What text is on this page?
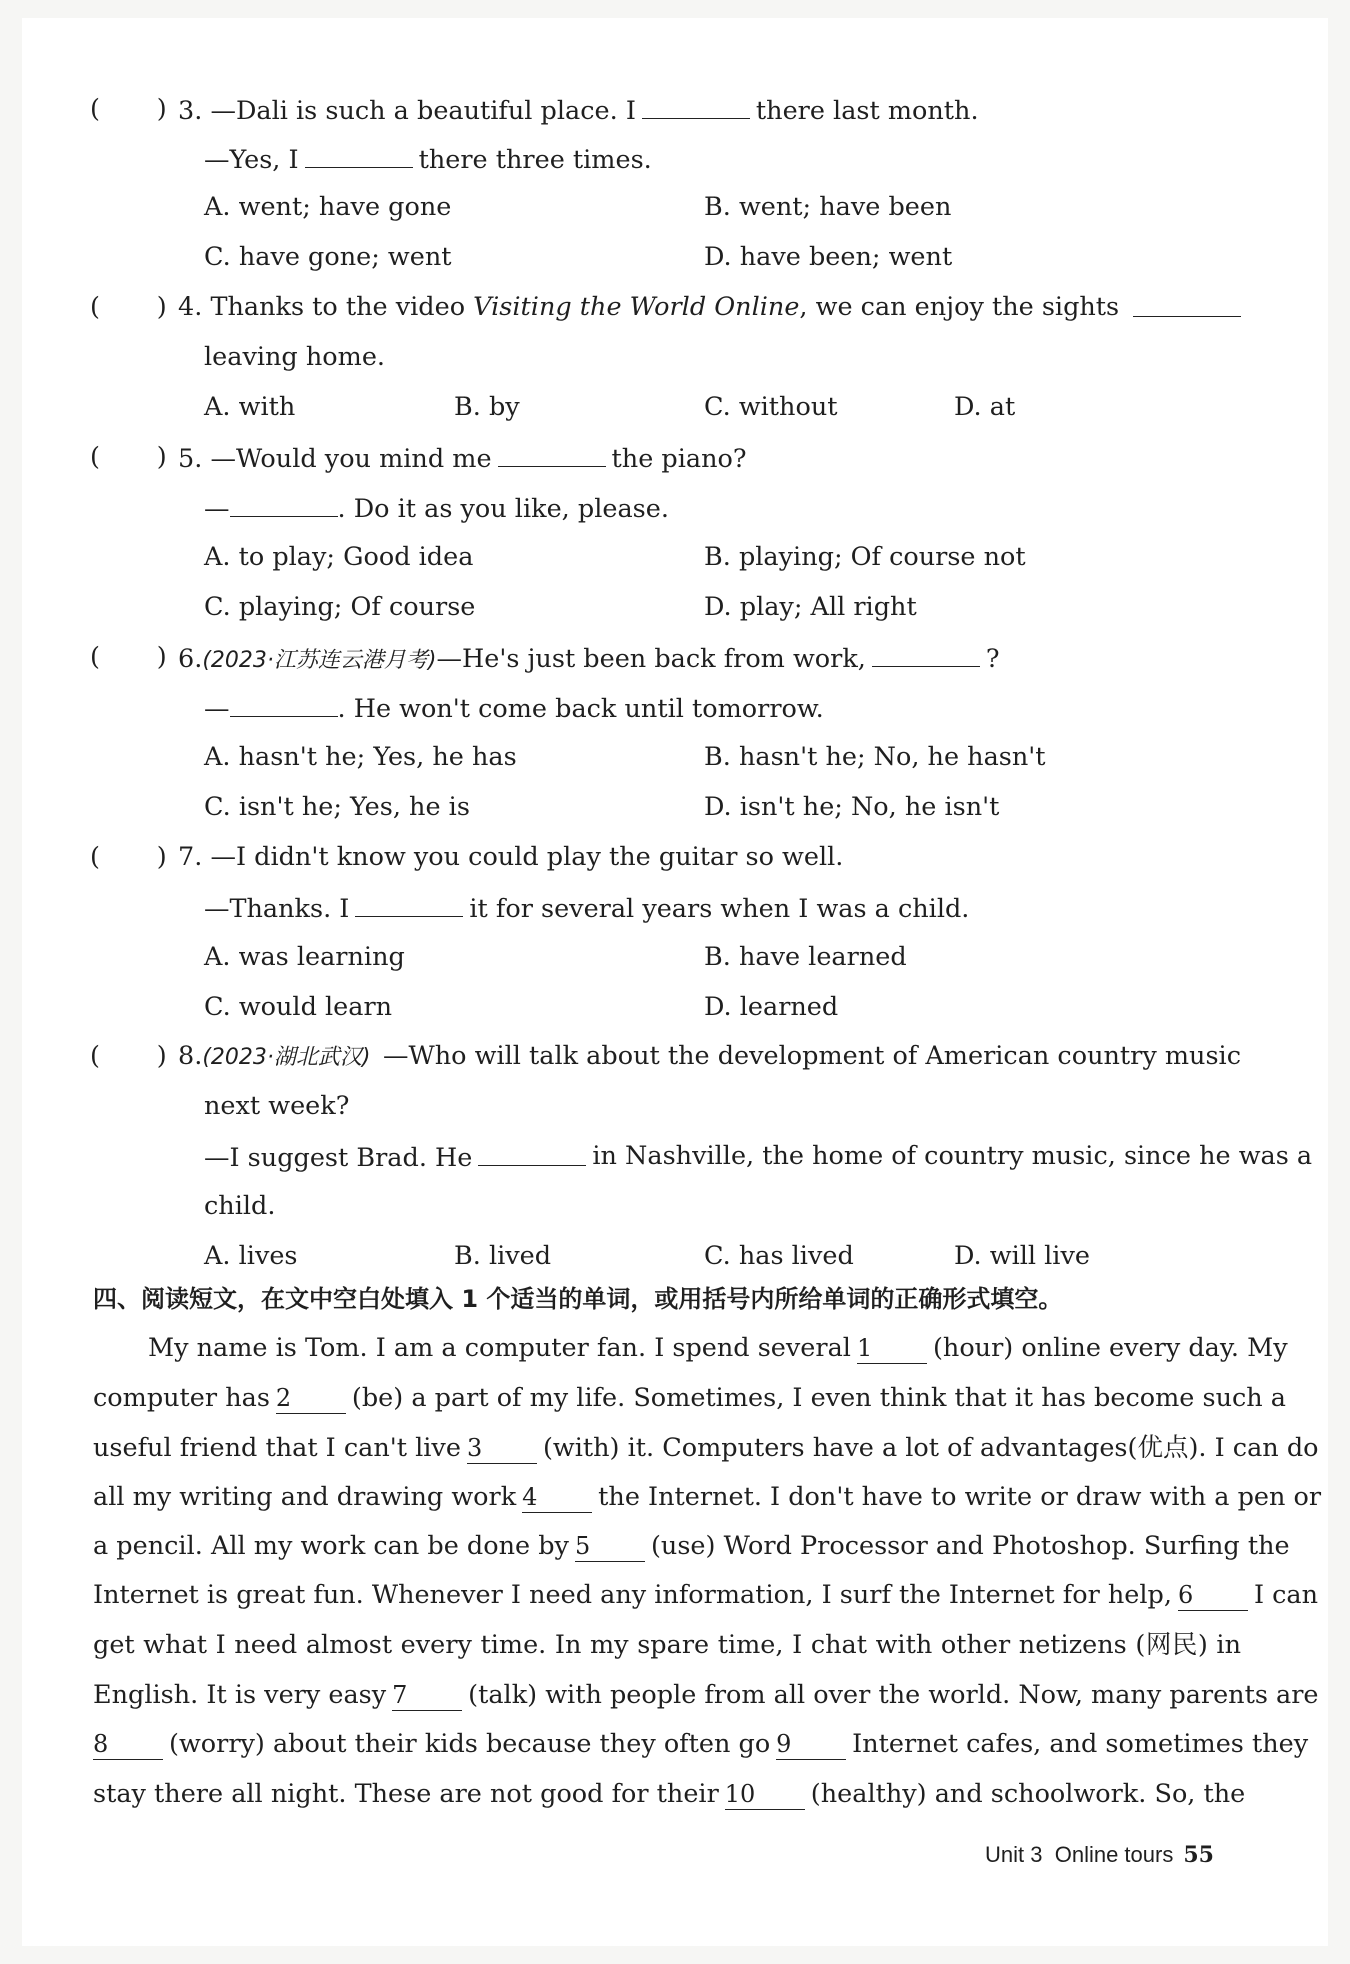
(       ) 3. —Dali is such a beautiful place. I	there last month.
—Yes, I	there three times.
A. went; have gone	B. went; have been
C. have gone; went	D. have been; went
(       ) 4. Thanks to the video Visiting the World Online, we can enjoy the sights
leaving home.
A. with	B. by	C. without	D. at
(       ) 5. —Would you mind me	the piano?
—	. Do it as you like, please.
A. to play; Good idea	B. playing; Of course not
C. playing; Of course	D. play; All right
(       ) 6.(2023·江苏连云港月考)—He's just been back from work,	?
—	. He won't come back until tomorrow.
A. hasn't he; Yes, he has	B. hasn't he; No, he hasn't
C. isn't he; Yes, he is	D. isn't he; No, he isn't
(       ) 7. —I didn't know you could play the guitar so well.
—Thanks. I	it for several years when I was a child.
A. was learning	B. have learned
C. would learn	D. learned
(       ) 8.(2023·湖北武汉) —Who will talk about the development of American country music
next week?
—I suggest Brad. He	in Nashville, the home of country music, since he was a
child.
A. lives	B. lived	C. has lived	D. will live
四、阅读短文，在文中空白处填入 1 个适当的单词，或用括号内所给单词的正确形式填空。
My name is Tom. I am a computer fan. I spend several 1 (hour) online every day. My
computer has 2	(be) a part of my life. Sometimes, I even think that it has become such a
useful friend that I can't live 3	(with) it. Computers have a lot of advantages(优点). I can do
all my writing and drawing work 4	the Internet. I don't have to write or draw with a pen or
a pencil. All my work can be done by 5	(use) Word Processor and Photoshop. Surfing the
Internet is great fun. Whenever I need any information, I surf the Internet for help, 6 I can
get what I need almost every time. In my spare time, I chat with other netizens (网民) in
English. It is very easy 7	(talk) with people from all over the world. Now, many parents are
8 (worry) about their kids because they often go 9 Internet cafes, and sometimes they
stay there all night. These are not good for their 10	(healthy) and schoolwork. So, the
Unit 3 Online tours 55
